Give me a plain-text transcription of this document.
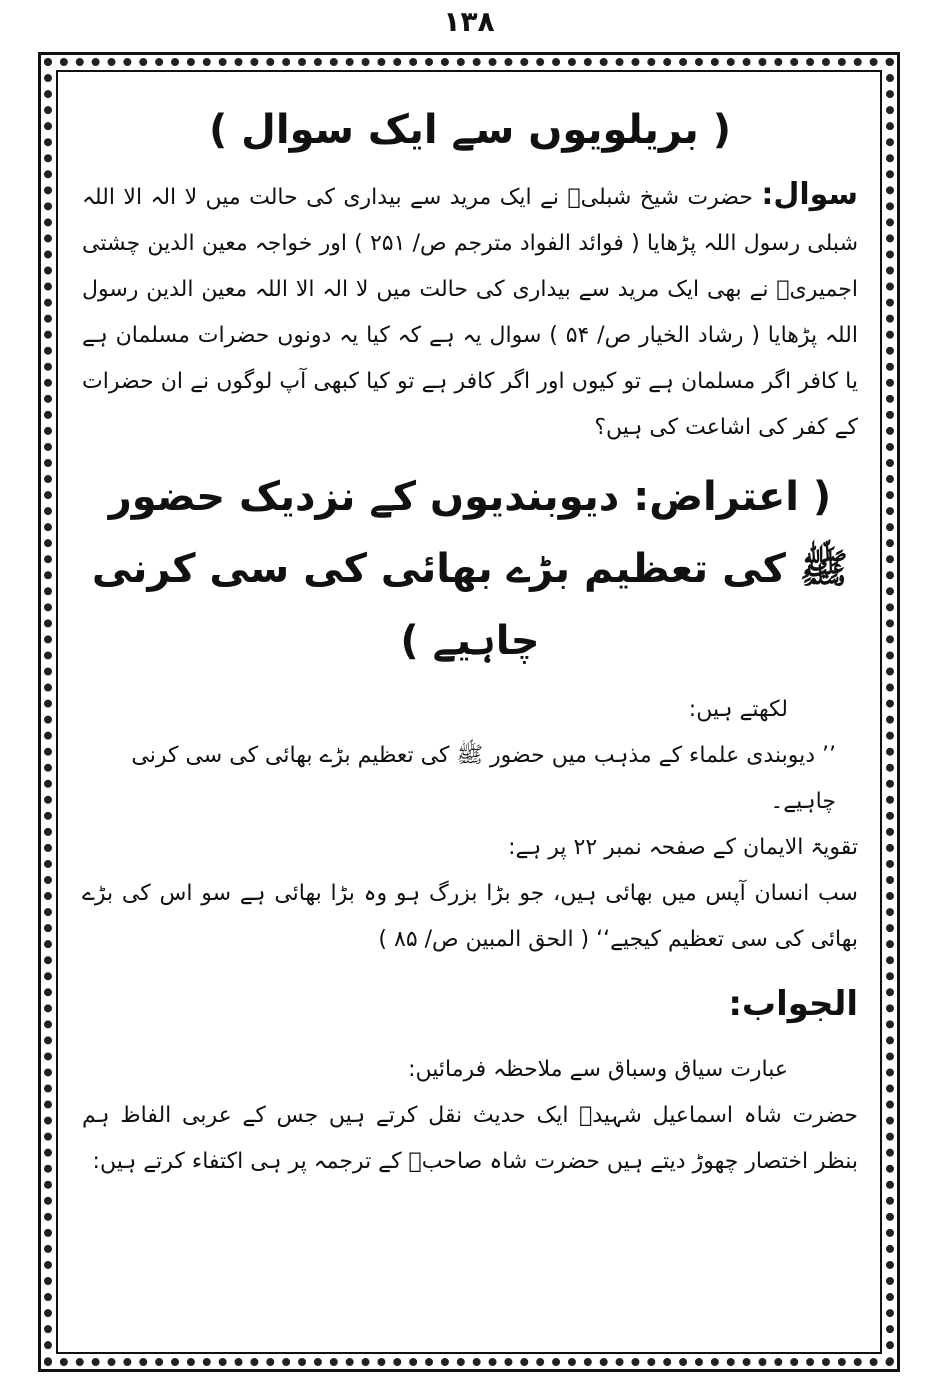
۱۳۸
( بریلویوں سے ایک سوال )

سوال: حضرت شیخ شبلیؒ نے ایک مرید سے بیداری کی حالت میں لا الہ الا اللہ شبلی رسول اللہ پڑھایا ( فوائد الفواد مترجم ص/ ۲۵۱ ) اور خواجہ معین الدین چشتی اجمیریؒ نے بھی ایک مرید سے بیداری کی حالت میں لا الہ الا اللہ معین الدین رسول اللہ پڑھایا ( رشاد الخیار ص/ ۵۴ ) سوال یہ ہے کہ کیا یہ دونوں حضرات مسلمان ہے یا کافر اگر مسلمان ہے تو کیوں اور اگر کافر ہے تو کیا کبھی آپ لوگوں نے ان حضرات کے کفر کی اشاعت کی ہیں؟

( اعتراض: دیوبندیوں کے نزدیک حضور ﷺ کی تعظیم بڑے بھائی کی سی کرنی چاہیے )

لکھتے ہیں:

’’ دیوبندی علماء کے مذہب میں حضور ﷺ کی تعظیم بڑے بھائی کی سی کرنی چاہیے۔

تقویۃ الایمان کے صفحہ نمبر ۲۲ پر ہے:

سب انسان آپس میں بھائی ہیں، جو بڑا بزرگ ہو وہ بڑا بھائی ہے سو اس کی بڑے بھائی کی سی تعظیم کیجیے‘‘ ( الحق المبین ص/ ۸۵ )

الجواب:

عبارت سیاق وسباق سے ملاحظہ فرمائیں:

حضرت شاہ اسماعیل شہیدؒ ایک حدیث نقل کرتے ہیں جس کے عربی الفاظ ہم بنظر اختصار چھوڑ دیتے ہیں حضرت شاہ صاحبؒ کے ترجمہ پر ہی اکتفاء کرتے ہیں:
